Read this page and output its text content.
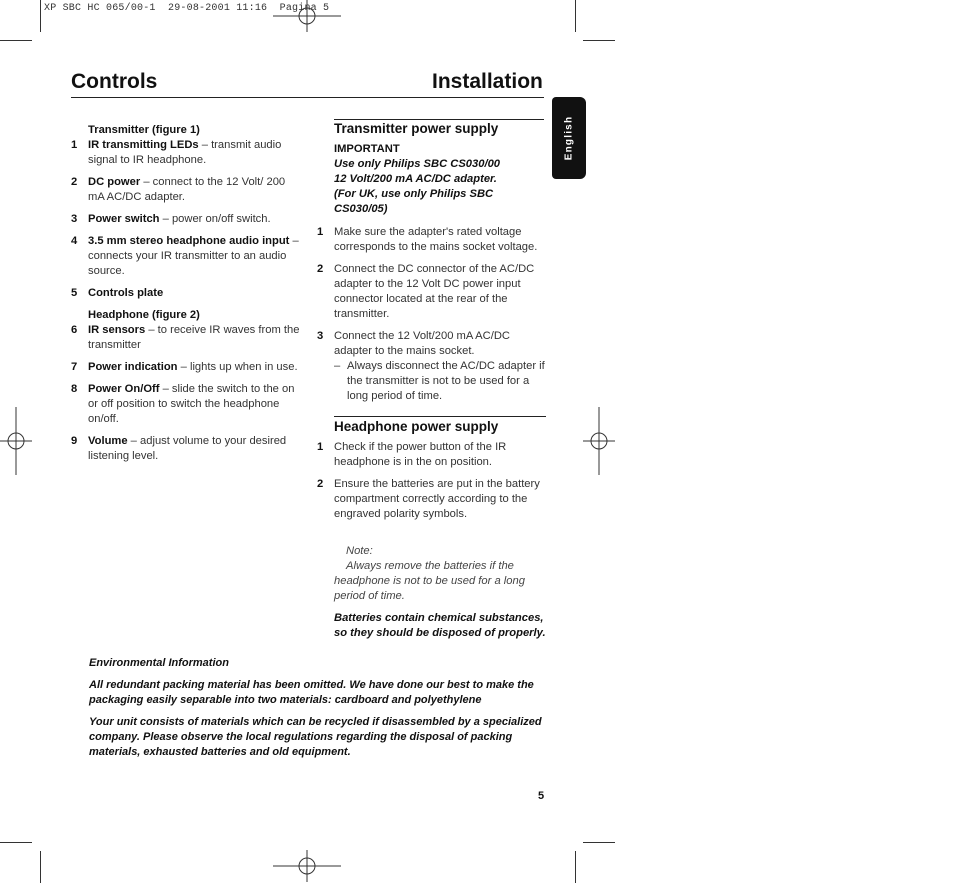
XP SBC HC 065/00-1  29-08-2001 11:16  Pagina 5
Controls	Installation
English
Transmitter (figure 1)
1 IR transmitting LEDs – transmit audio signal to IR headphone.
2 DC power – connect to the 12 Volt/ 200 mA AC/DC adapter.
3 Power switch – power on/off switch.
4 3.5 mm stereo headphone audio input – connects your IR transmitter to an audio source.
5 Controls plate
Headphone (figure 2)
6 IR sensors – to receive IR waves from the transmitter
7 Power indication – lights up when in use.
8 Power On/Off – slide the switch to the on or off position to switch the headphone on/off.
9 Volume – adjust volume to your desired listening level.
Transmitter power supply
IMPORTANT
Use only Philips SBC CS030/00
12 Volt/200 mA AC/DC adapter.
(For UK, use only Philips SBC CS030/05)
1 Make sure the adapter's rated voltage corresponds to the mains socket voltage.
2 Connect the DC connector of the AC/DC adapter to the 12 Volt DC power input connector located at the rear of the transmitter.
3 Connect the 12 Volt/200 mA AC/DC adapter to the mains socket.
– Always disconnect the AC/DC adapter if the transmitter is not to be used for a long period of time.
Headphone power supply
1 Check if the power button of the IR headphone is in the on position.
2 Ensure the batteries are put in the battery compartment correctly according to the engraved polarity symbols.
Note:
Always remove the batteries if the headphone is not to be used for a long period of time.
Batteries contain chemical substances, so they should be disposed of properly.

Environmental Information

All redundant packing material has been omitted. We have done our best to make the packaging easily separable into two materials: cardboard and polyethylene

Your unit consists of materials which can be recycled if disassembled by a specialized company. Please observe the local regulations regarding the disposal of packing materials, exhausted batteries and old equipment.

5
